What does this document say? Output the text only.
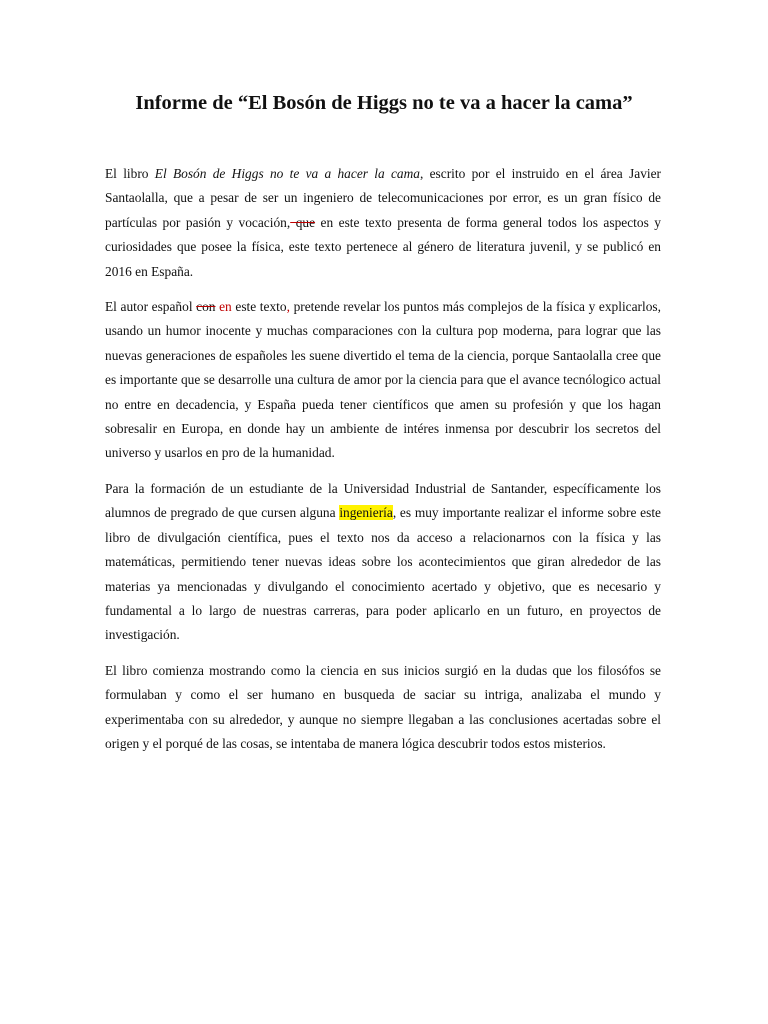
Informe de “El Bosón de Higgs no te va a hacer la cama”

El libro El Bosón de Higgs no te va a hacer la cama, escrito por el instruido en el área Javier Santaolalla, que a pesar de ser un ingeniero de telecomunicaciones por error, es un gran físico de partículas por pasión y vocación, que en este texto presenta de forma general todos los aspectos y curiosidades que posee la física, este texto pertenece al género de literatura juvenil, y se publicó en 2016 en España.

El autor español con en este texto, pretende revelar los puntos más complejos de la física y explicarlos, usando un humor inocente y muchas comparaciones con la cultura pop moderna, para lograr que las nuevas generaciones de españoles les suene divertido el tema de la ciencia, porque Santaolalla cree que es importante que se desarrolle una cultura de amor por la ciencia para que el avance tecnólogico actual no entre en decadencia, y España pueda tener científicos que amen su profesión y que los hagan sobresalir en Europa, en donde hay un ambiente de intéres inmensa por descubrir los secretos del universo y usarlos en pro de la humanidad.

Para la formación de un estudiante de la Universidad Industrial de Santander, específicamente los alumnos de pregrado de que cursen alguna ingeniería, es muy importante realizar el informe sobre este libro de divulgación científica, pues el texto nos da acceso a relacionarnos con la física y las matemáticas, permitiendo tener nuevas ideas sobre los acontecimientos que giran alrededor de las materias ya mencionadas y divulgando el conocimiento acertado y objetivo, que es necesario y fundamental a lo largo de nuestras carreras, para poder aplicarlo en un futuro, en proyectos de investigación.

El libro comienza mostrando como la ciencia en sus inicios surgió en la dudas que los filosófos se formulaban y como el ser humano en busqueda de saciar su intriga, analizaba el mundo y experimentaba con su alrededor, y aunque no siempre llegaban a las conclusiones acertadas sobre el origen y el porqué de las cosas, se intentaba de manera lógica descubrir todos estos misterios.
